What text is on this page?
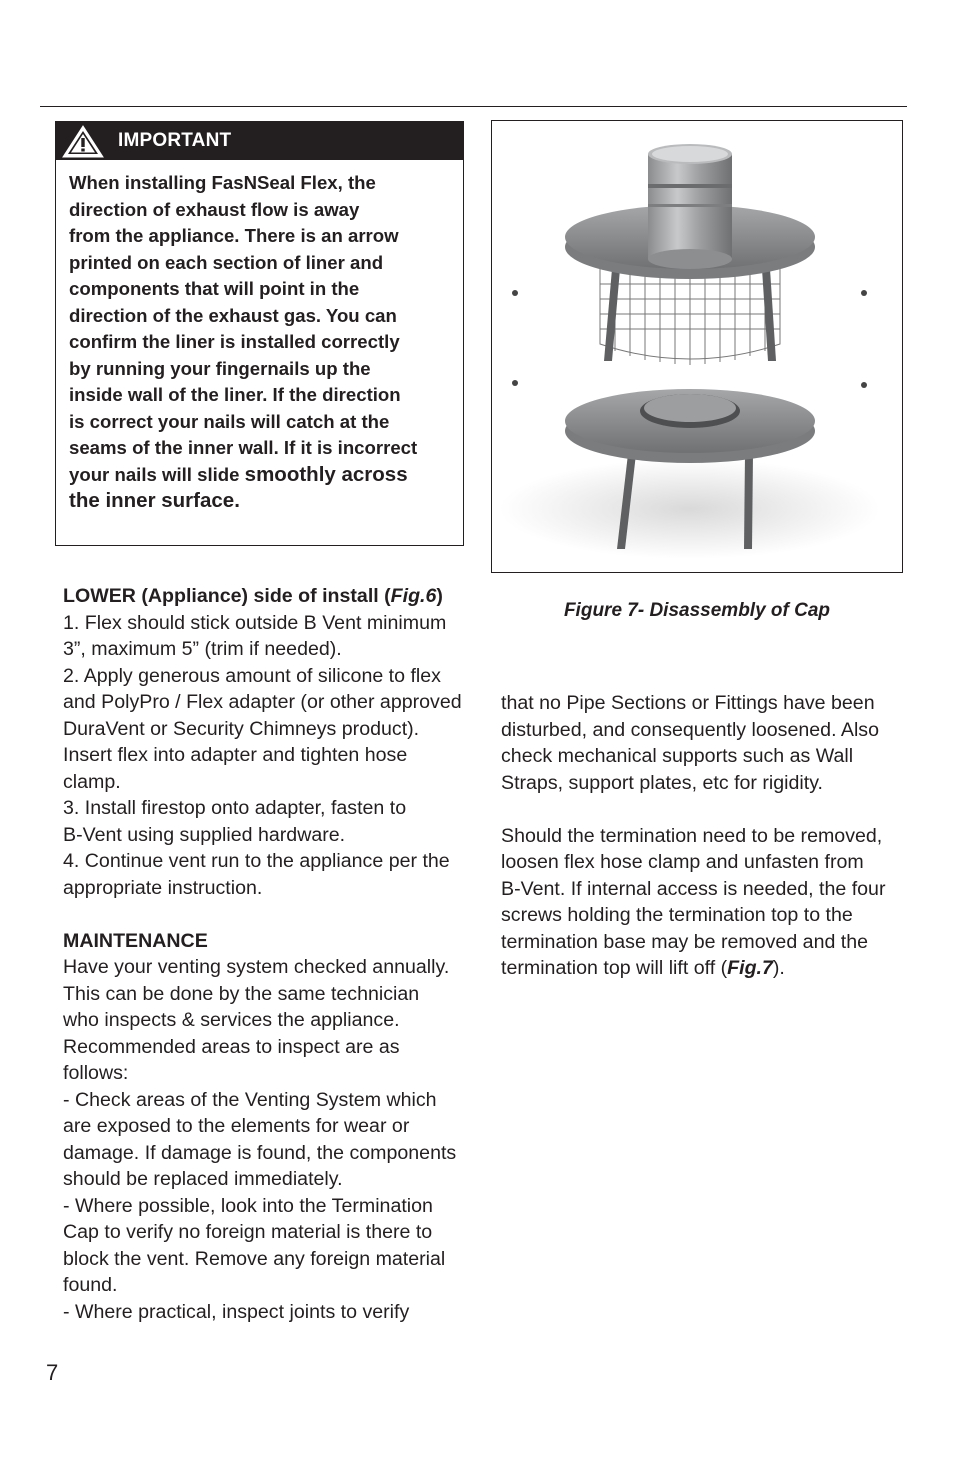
IMPORTANT
When installing FasNSeal Flex, the
direction of exhaust flow is away
from the appliance. There is an arrow
printed on each section of liner and
components that will point in the
direction of the exhaust gas. You can
confirm the liner is installed correctly
by running your fingernails up the
inside wall of the liner. If the direction
is correct your nails will catch at the
seams of the inner wall. If it is incorrect
your nails will slide smoothly across
the inner surface.
Figure 7- Disassembly of Cap

LOWER (Appliance) side of install (Fig.6)

1. Flex should stick outside B Vent minimum

3”, maximum 5” (trim if needed).

2. Apply generous amount of silicone to flex

and PolyPro / Flex adapter (or other approved

DuraVent or Security Chimneys product).

Insert flex into adapter and tighten hose

clamp.

3. Install firestop onto adapter, fasten to

B-Vent using supplied hardware.

4. Continue vent run to the appliance per the

appropriate instruction.

MAINTENANCE

Have your venting system checked annually.

This can be done by the same technician

who inspects & services the appliance.

Recommended areas to inspect are as

follows:

- Check areas of the Venting System which

are exposed to the elements for wear or

damage. If damage is found, the components

should be replaced immediately.

- Where possible, look into the Termination

Cap to verify no foreign material is there to

block the vent. Remove any foreign material

found.

- Where practical, inspect joints to verify

that no Pipe Sections or Fittings have been

disturbed, and consequently loosened. Also

check mechanical supports such as Wall

Straps, support plates, etc for rigidity.

Should the termination need to be removed,

loosen flex hose clamp and unfasten from

B-Vent. If internal access is needed, the four

screws holding the termination top to the

termination base may be removed and the

termination top will lift off (Fig.7).

7
